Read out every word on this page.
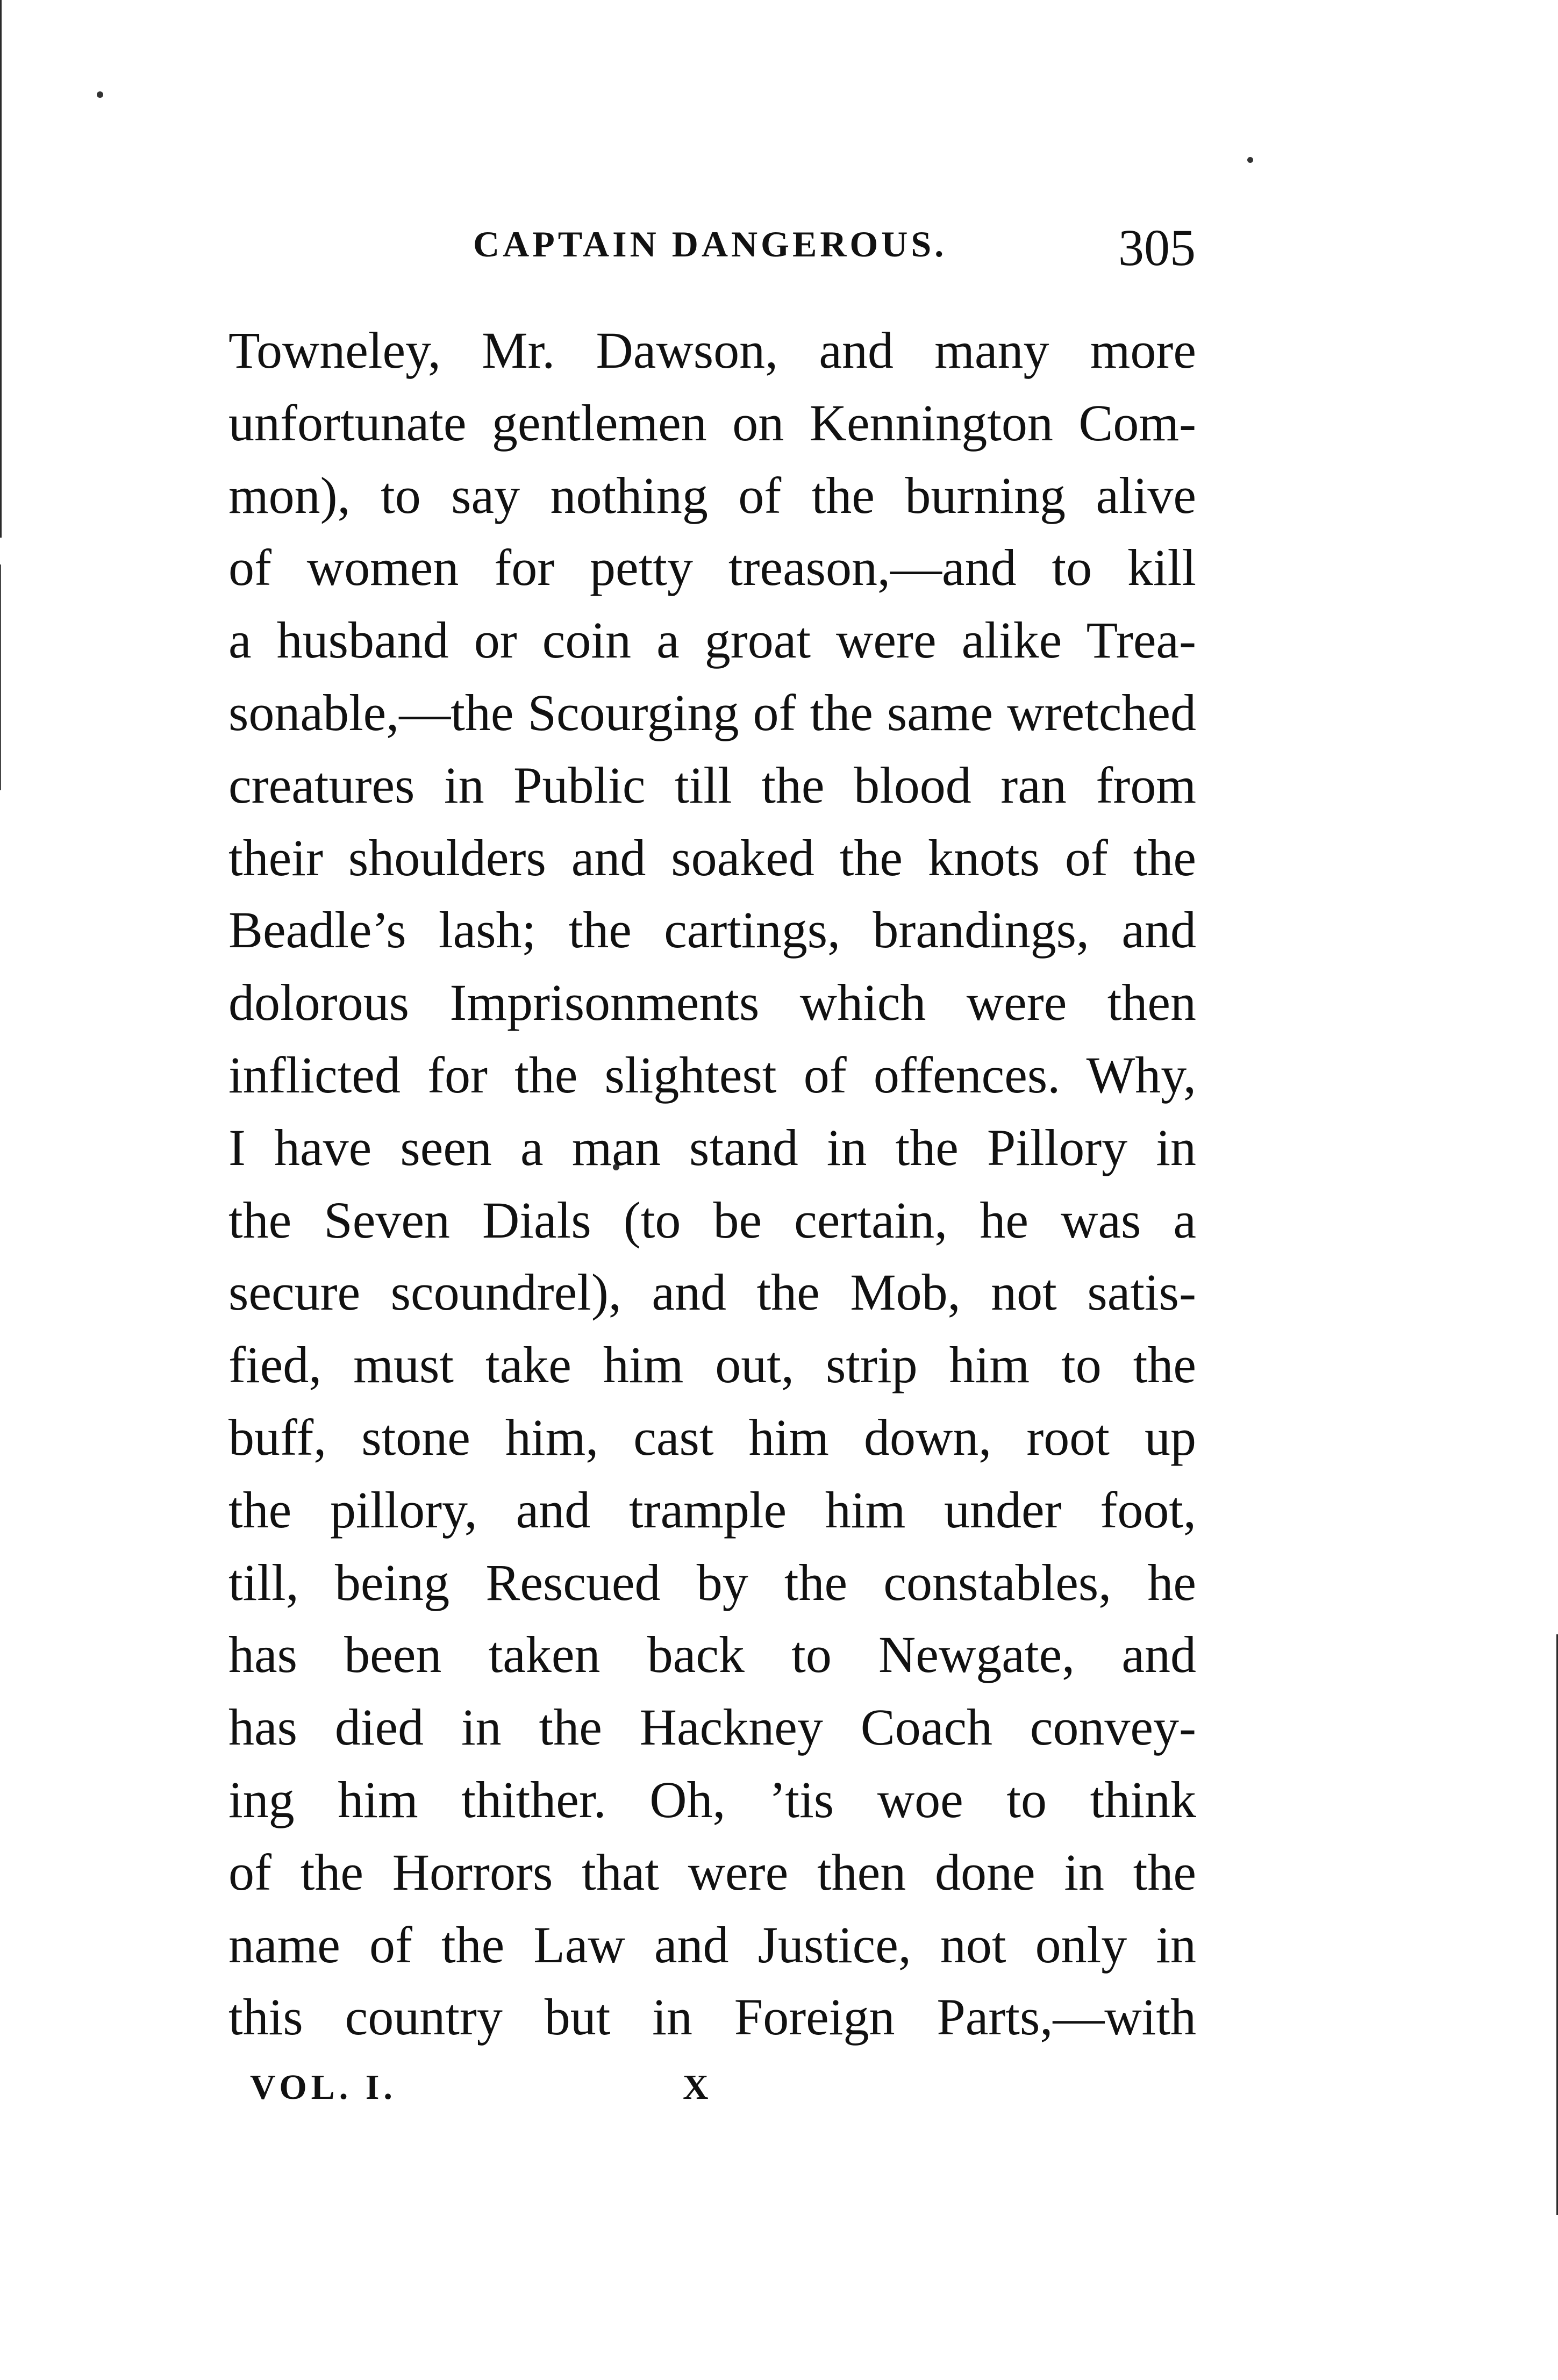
CAPTAIN DANGEROUS.	305
Towneley, Mr. Dawson, and many more
unfortunate gentlemen on Kennington Com-
mon), to say nothing of the burning alive
of women for petty treason,—and to kill
a husband or coin a groat were alike Trea-
sonable,—the Scourging of the same wretched
creatures in Public till the blood ran from
their shoulders and soaked the knots of the
Beadle’s lash; the cartings, brandings, and
dolorous Imprisonments which were then
inflicted for the slightest of offences. Why,
I have seen a man stand in the Pillory in
the Seven Dials (to be certain, he was a
secure scoundrel), and the Mob, not satis-
fied, must take him out, strip him to the
buff, stone him, cast him down, root up
the pillory, and trample him under foot,
till, being Rescued by the constables, he
has been taken back to Newgate, and
has died in the Hackney Coach convey-
ing him thither. Oh, ’tis woe to think
of the Horrors that were then done in the
name of the Law and Justice, not only in
this country but in Foreign Parts,—with
VOL. I.	X
